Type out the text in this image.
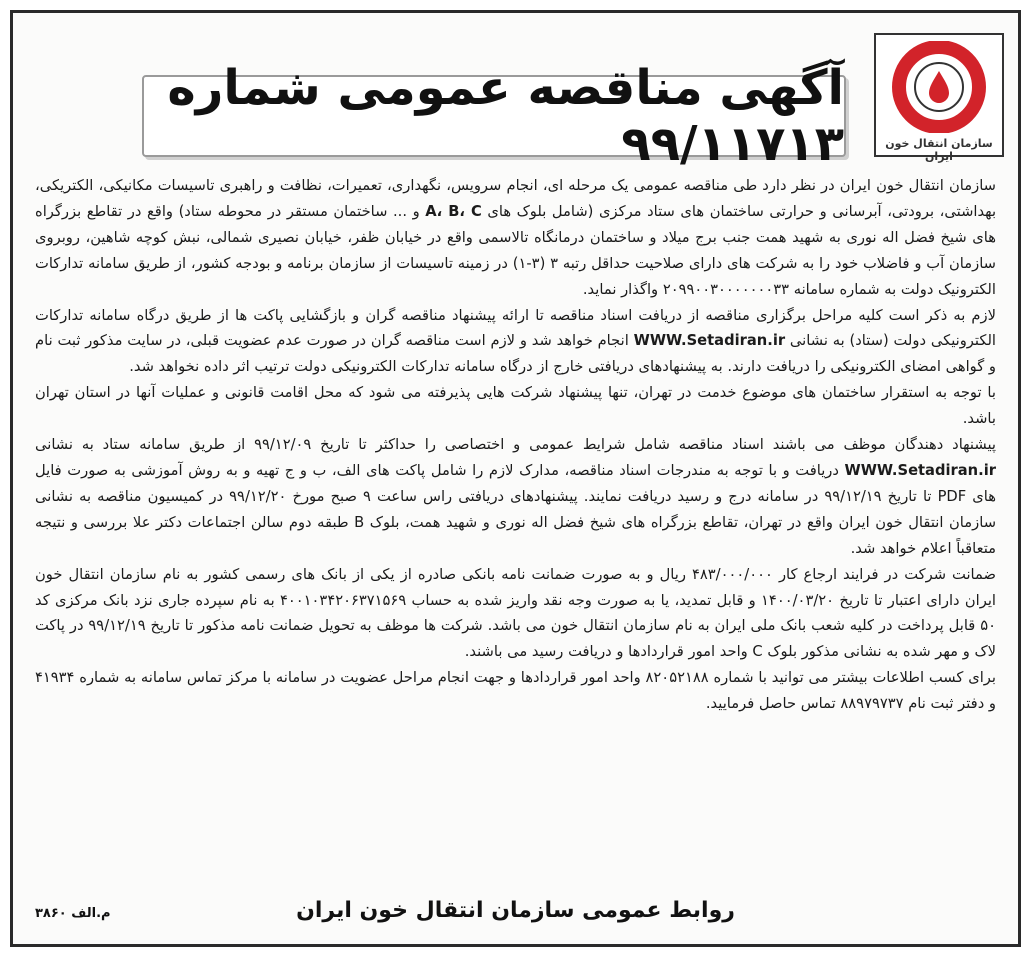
سازمان انتقال خون ایران
آگهی مناقصه عمومی شماره ۹۹/۱۱۷۱۳

سازمان انتقال خون ایران در نظر دارد طی مناقصه عمومی یک مرحله ای، انجام سرویس، نگهداری، تعمیرات، نظافت و راهبری تاسیسات مکانیکی، الکتریکی، بهداشتی، برودتی، آبرسانی و حرارتی ساختمان های ستاد مرکزی (شامل بلوک های A، B، C و ... ساختمان مستقر در محوطه ستاد) واقع در تقاطع بزرگراه های شیخ فضل اله نوری به شهید همت جنب برج میلاد و ساختمان درمانگاه تالاسمی واقع در خیابان ظفر، خیابان نصیری شمالی، نبش کوچه شاهین، روبروی سازمان آب و فاضلاب خود را به شرکت های دارای صلاحیت حداقل رتبه ۳ (۳-۱) در زمینه تاسیسات از سازمان برنامه و بودجه کشور، از طریق سامانه تدارکات الکترونیک دولت به شماره سامانه ۲۰۹۹۰۰۳۰۰۰۰۰۰۰۳۳ واگذار نماید.

لازم به ذکر است کلیه مراحل برگزاری مناقصه از دریافت اسناد مناقصه تا ارائه پیشنهاد مناقصه گران و بازگشایی پاکت ها از طریق درگاه سامانه تدارکات الکترونیکی دولت (ستاد) به نشانی WWW.Setadiran.ir انجام خواهد شد و لازم است مناقصه گران در صورت عدم عضویت قبلی، در سایت مذکور ثبت نام و گواهی امضای الکترونیکی را دریافت دارند. به پیشنهادهای دریافتی خارج از درگاه سامانه تدارکات الکترونیکی دولت ترتیب اثر داده نخواهد شد.

با توجه به استقرار ساختمان های موضوع خدمت در تهران، تنها پیشنهاد شرکت هایی پذیرفته می شود که محل اقامت قانونی و عملیات آنها در استان تهران باشد.

پیشنهاد دهندگان موظف می باشند اسناد مناقصه شامل شرایط عمومی و اختصاصی را حداکثر تا تاریخ ۹۹/۱۲/۰۹ از طریق سامانه ستاد به نشانی WWW.Setadiran.ir دریافت و با توجه به مندرجات اسناد مناقصه، مدارک لازم را شامل پاکت های الف، ب و ج تهیه و به روش آموزشی به صورت فایل های PDF تا تاریخ ۹۹/۱۲/۱۹ در سامانه درج و رسید دریافت نمایند. پیشنهادهای دریافتی راس ساعت ۹ صبح مورخ ۹۹/۱۲/۲۰ در کمیسیون مناقصه به نشانی سازمان انتقال خون ایران واقع در تهران، تقاطع بزرگراه های شیخ فضل اله نوری و شهید همت، بلوک B طبقه دوم سالن اجتماعات دکتر علا بررسی و نتیجه متعاقباً اعلام خواهد شد.

ضمانت شرکت در فرایند ارجاع کار ۴۸۳/۰۰۰/۰۰۰ ریال و به صورت ضمانت نامه بانکی صادره از یکی از بانک های رسمی کشور به نام سازمان انتقال خون ایران دارای اعتبار تا تاریخ ۱۴۰۰/۰۳/۲۰ و قابل تمدید، یا به صورت وجه نقد واریز شده به حساب ۴۰۰۱۰۳۴۲۰۶۳۷۱۵۶۹ به نام سپرده جاری نزد بانک مرکزی کد ۵۰ قابل پرداخت در کلیه شعب بانک ملی ایران به نام سازمان انتقال خون می باشد. شرکت ها موظف به تحویل ضمانت نامه مذکور تا تاریخ ۹۹/۱۲/۱۹ در پاکت لاک و مهر شده به نشانی مذکور بلوک C واحد امور قراردادها و دریافت رسید می باشند.

برای کسب اطلاعات بیشتر می توانید با شماره ۸۲۰۵۲۱۸۸ واحد امور قراردادها و جهت انجام مراحل عضویت در سامانه با مرکز تماس سامانه به شماره ۴۱۹۳۴ و دفتر ثبت نام ۸۸۹۷۹۷۳۷ تماس حاصل فرمایید.

روابط عمومی سازمان انتقال خون ایران
م.الف ۳۸۶۰
